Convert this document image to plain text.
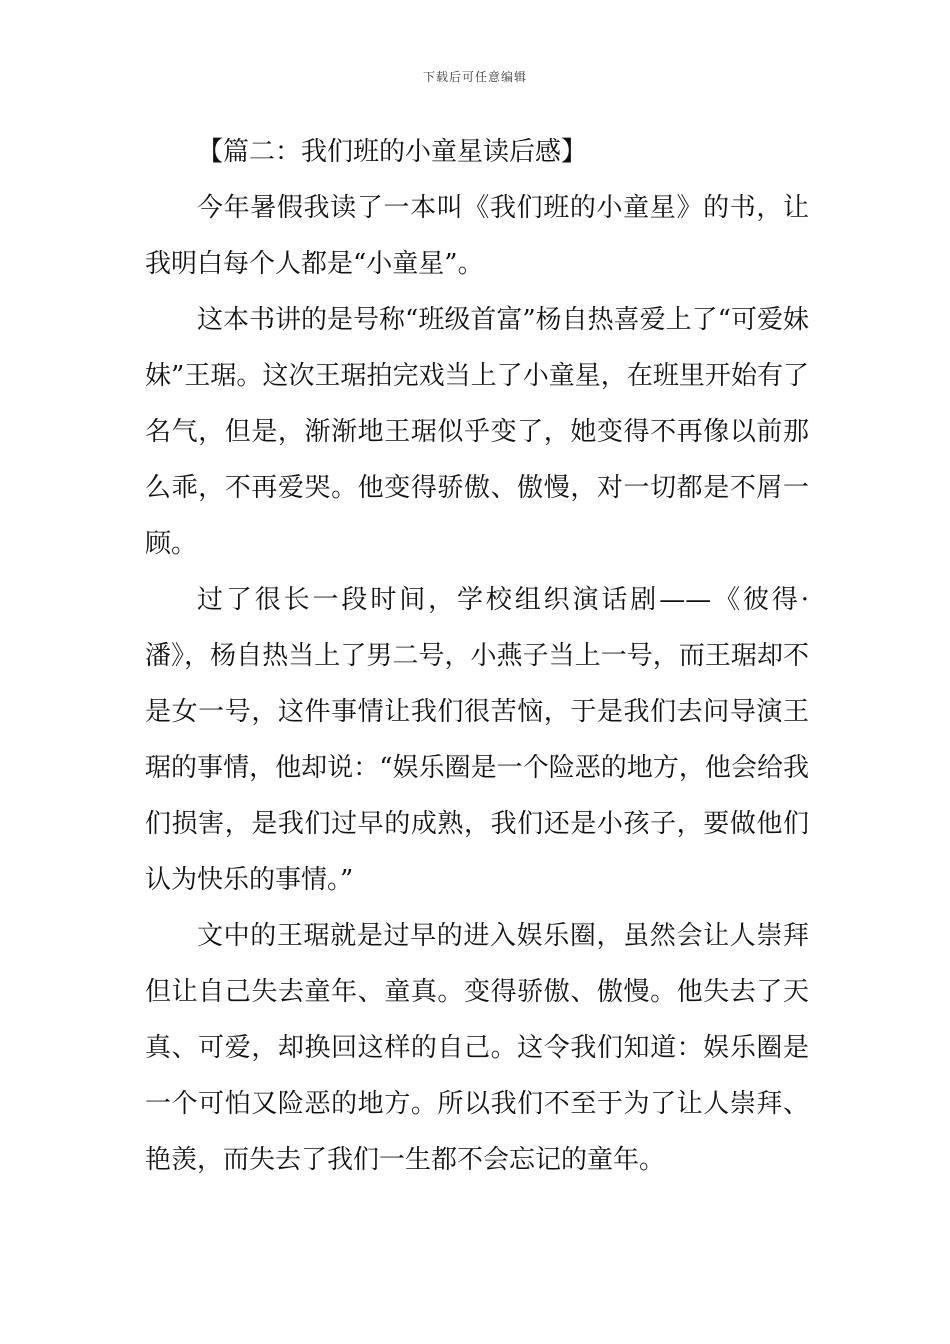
下载后可任意编辑
【篇二：我们班的小童星读后感】

今年暑假我读了一本叫《我们班的小童星》的书，让我明白每个人都是“小童星”。

这本书讲的是号称“班级首富”杨自热喜爱上了“可爱妹妹”王琚。这次王琚拍完戏当上了小童星，在班里开始有了名气，但是，渐渐地王琚似乎变了，她变得不再像以前那么乖，不再爱哭。他变得骄傲、傲慢，对一切都是不屑一顾。

过了很长一段时间，学校组织演话剧——《彼得·潘》，杨自热当上了男二号，小燕子当上一号，而王琚却不是女一号，这件事情让我们很苦恼，于是我们去问导演王琚的事情，他却说：“娱乐圈是一个险恶的地方，他会给我们损害，是我们过早的成熟，我们还是小孩子，要做他们认为快乐的事情。”

文中的王琚就是过早的进入娱乐圈，虽然会让人崇拜但让自己失去童年、童真。变得骄傲、傲慢。他失去了天真、可爱，却换回这样的自己。这令我们知道：娱乐圈是一个可怕又险恶的地方。所以我们不至于为了让人崇拜、艳羡，而失去了我们一生都不会忘记的童年。
